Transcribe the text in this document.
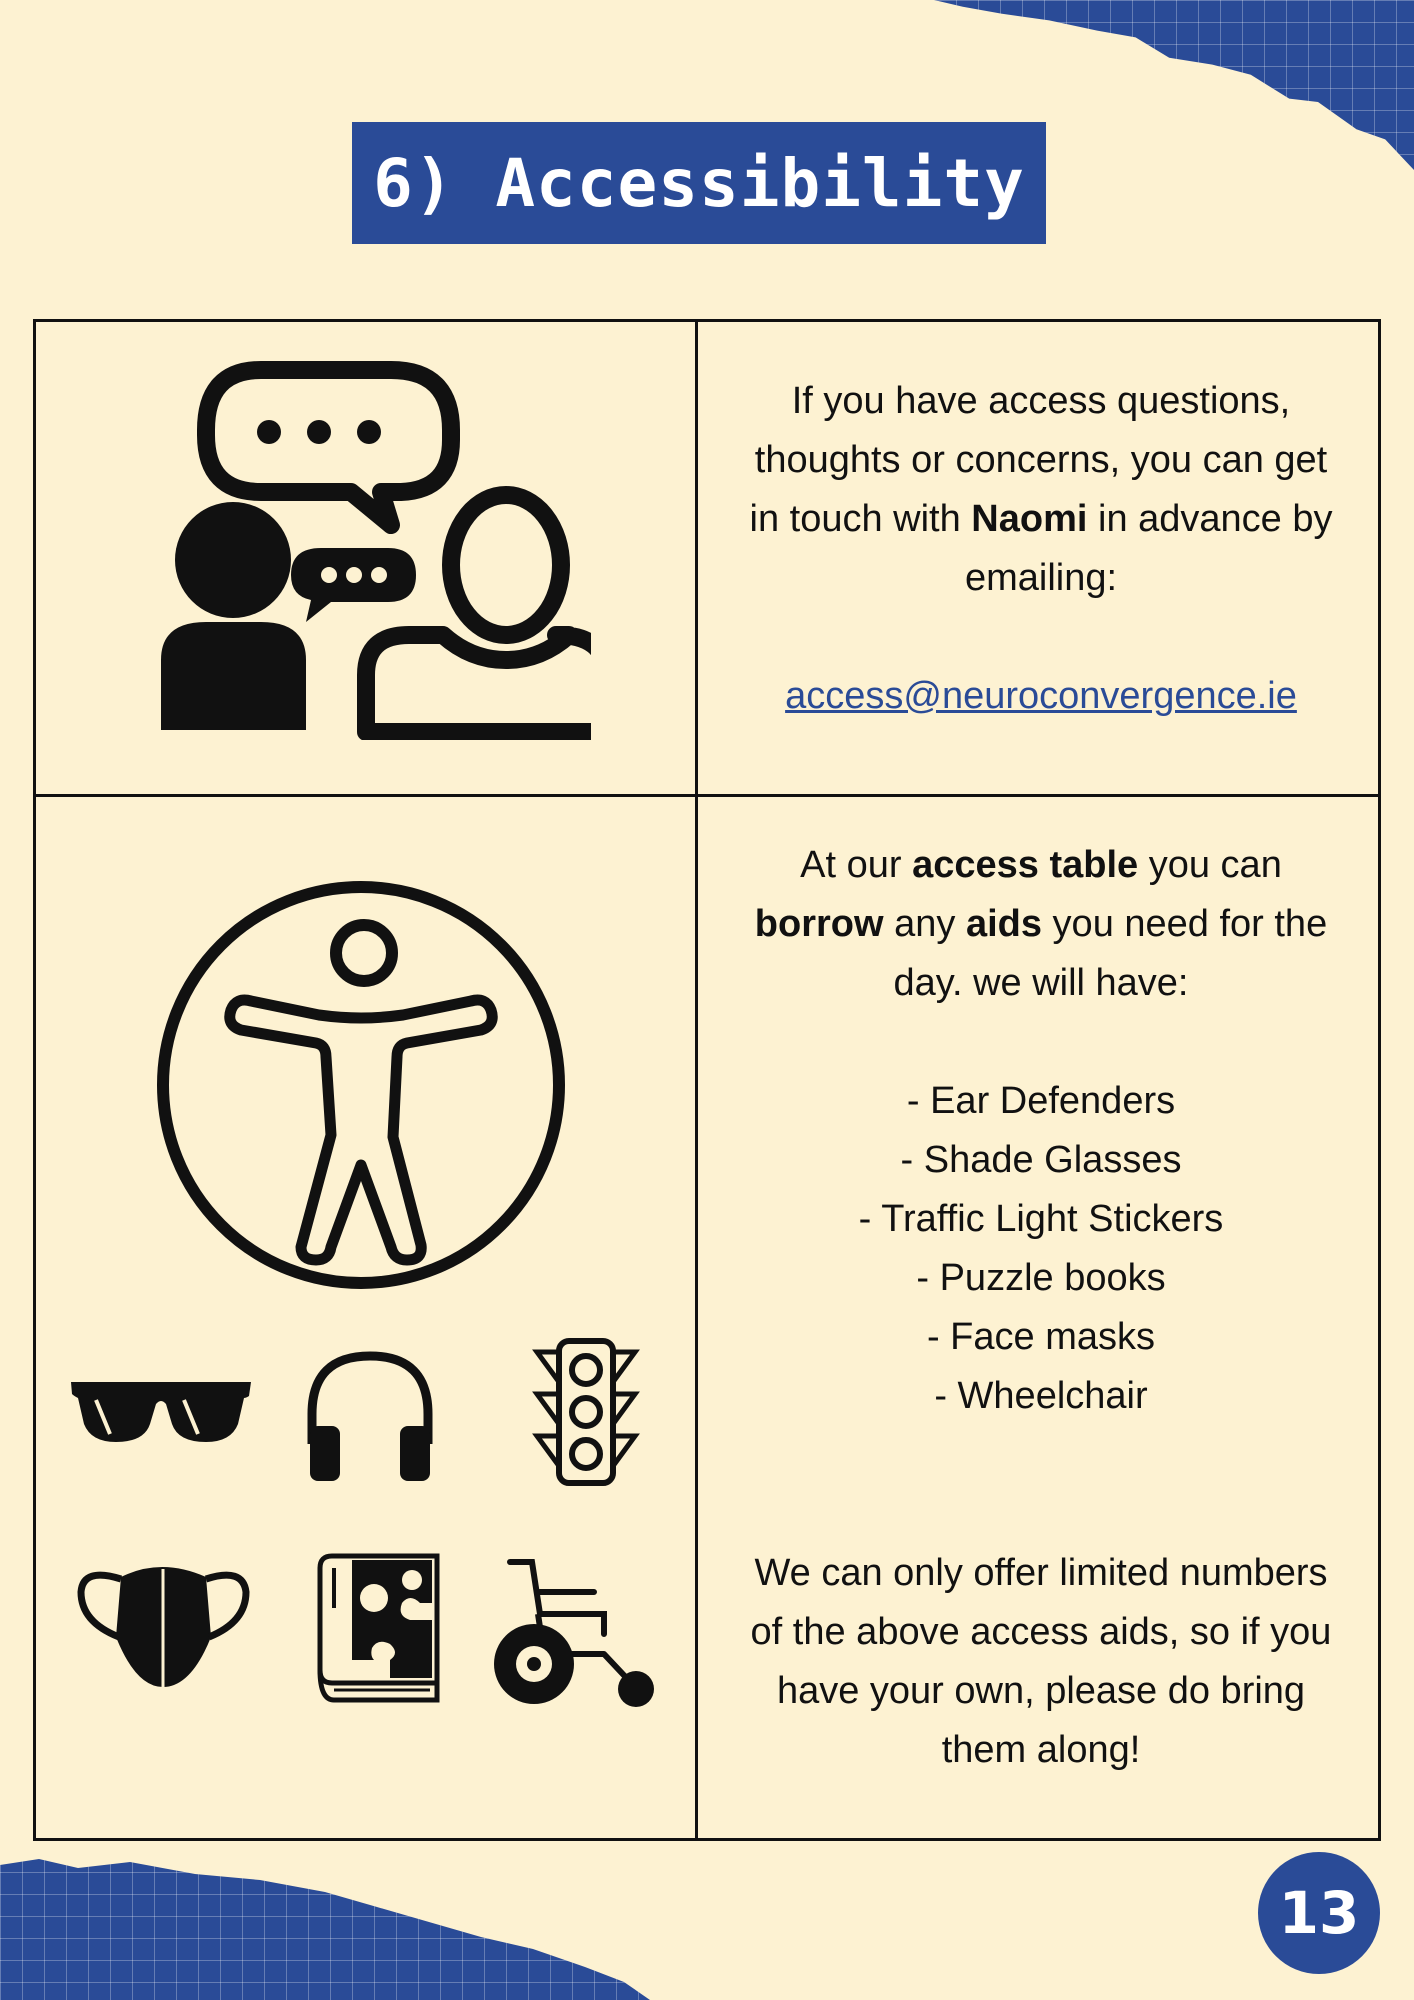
6) Accessibility

If you have access questions,

thoughts or concerns, you can get

in touch with Naomi in advance by

emailing:

access@neuroconvergence.ie

At our access table you can

borrow any aids you need for the

day. we will have:

- Ear Defenders

- Shade Glasses

- Traffic Light Stickers

- Puzzle books

- Face masks

- Wheelchair

We can only offer limited numbers

of the above access aids, so if you

have your own, please do bring

them along!

13
